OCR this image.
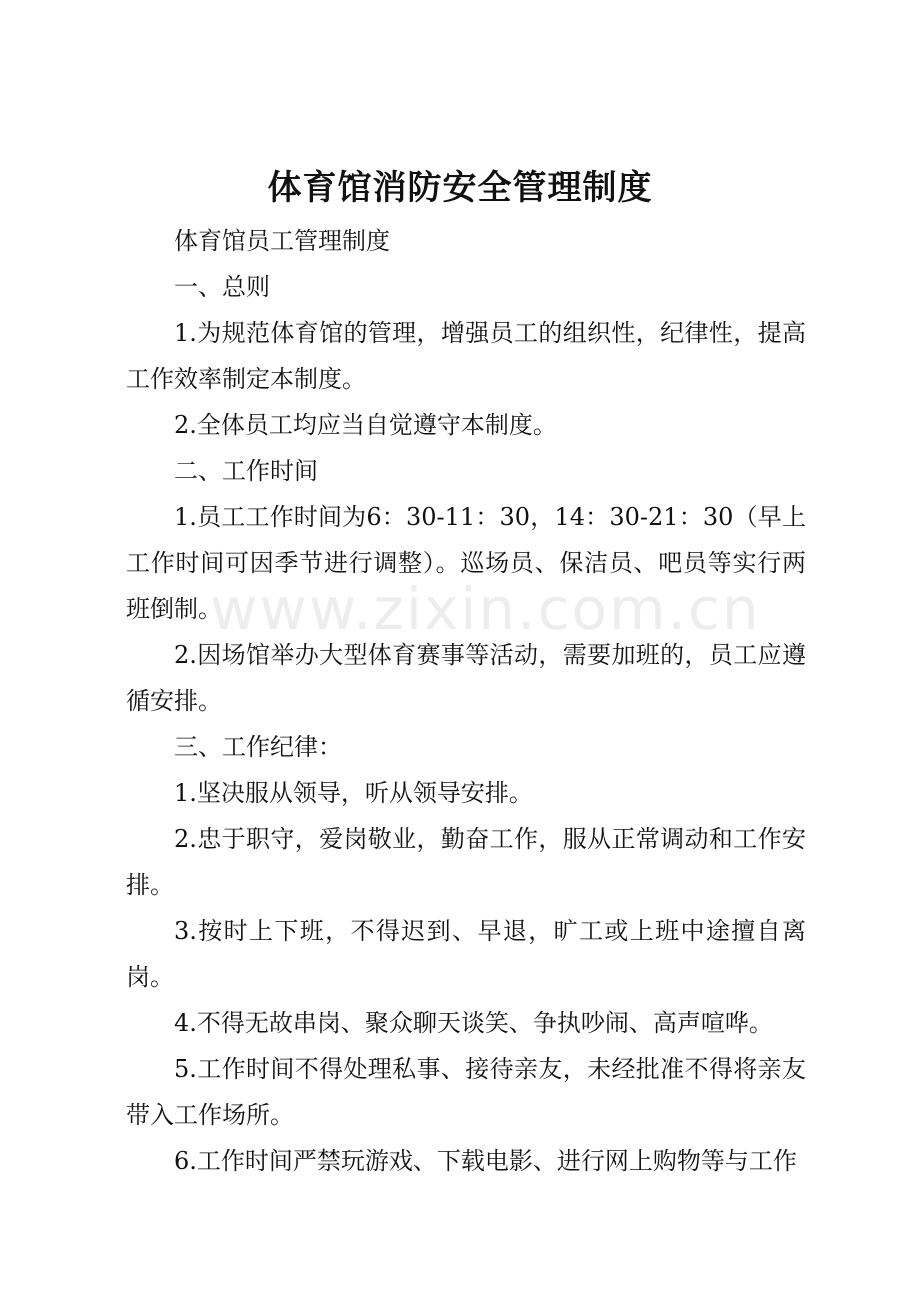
体育馆消防安全管理制度

体育馆员工管理制度

一、总则

1.为规范体育馆的管理，增强员工的组织性，纪律性，提高工作效率制定本制度。

2.全体员工均应当自觉遵守本制度。

二、工作时间

1.员工工作时间为6：30-11：30，14：30-21：30（早上工作时间可因季节进行调整）。巡场员、保洁员、吧员等实行两班倒制。

2.因场馆举办大型体育赛事等活动，需要加班的，员工应遵循安排。

三、工作纪律：

1.坚决服从领导，听从领导安排。

2.忠于职守，爱岗敬业，勤奋工作，服从正常调动和工作安排。

3.按时上下班，不得迟到、早退，旷工或上班中途擅自离岗。

4.不得无故串岗、聚众聊天谈笑、争执吵闹、高声喧哗。

5.工作时间不得处理私事、接待亲友，未经批准不得将亲友带入工作场所。

6.工作时间严禁玩游戏、下载电影、进行网上购物等与工作

www.zixin.com.cn
